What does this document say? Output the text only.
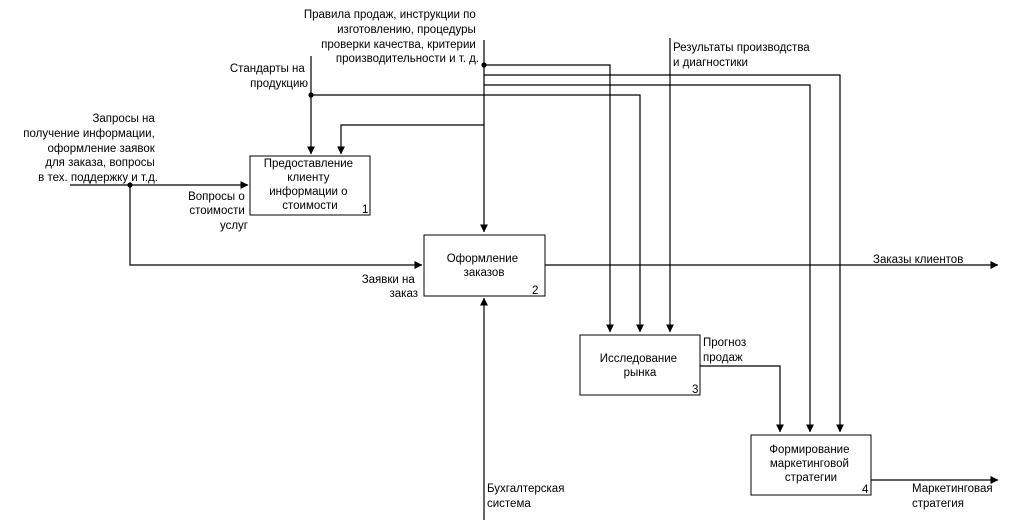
Предоставление клиенту информации о стоимости	1
Оформление заказов
2
Исследование рынка
3
Формирование маркетинговой стратегии
4
Правила продаж, инструкции по изготовлению, процедуры проверки качества, критерии производительности и т. д.
Стандарты на продукцию
Запросы на получение информации, оформление заявок для заказа, вопросы в тех. поддержку и т.д.
Вопросы о стоимости услуг
Заявки на заказ
Результаты производства и диагностики
Заказы клиентов
Прогноз продаж
Бухгалтерская система
Маркетинговая стратегия
